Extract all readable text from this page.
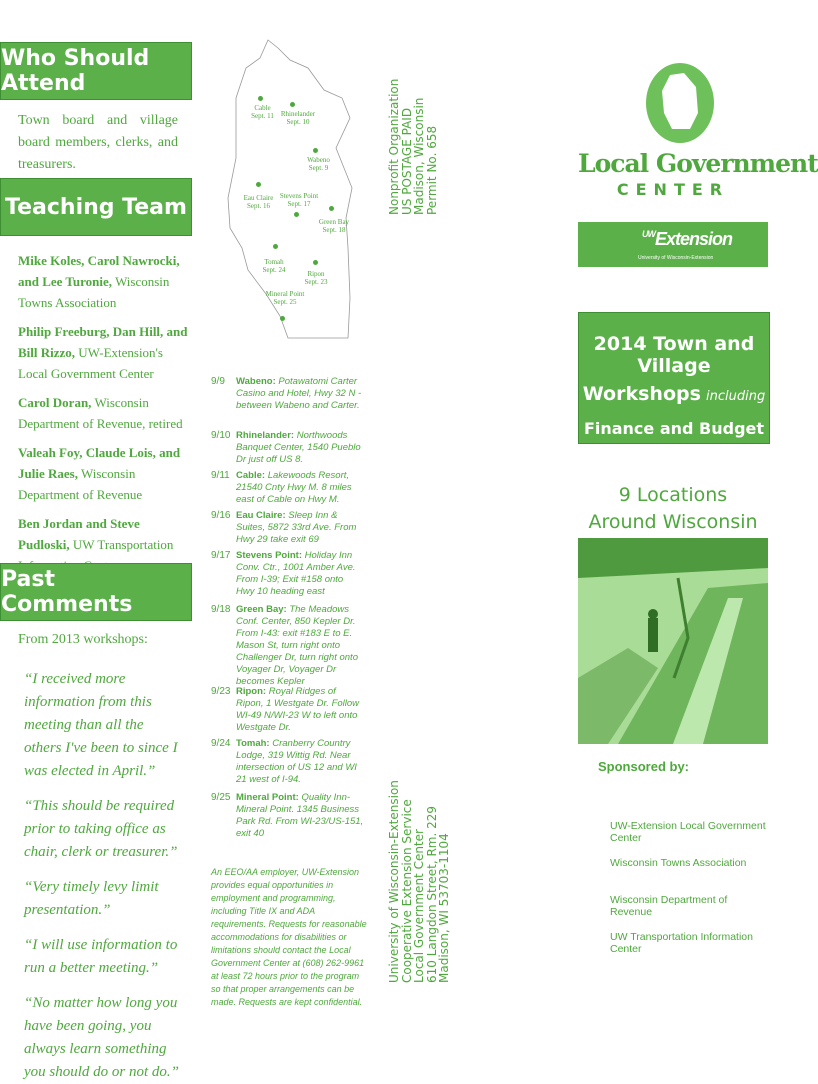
Who Should Attend
Town board and village board members, clerks, and treasurers.
Teaching Team
Mike Koles, Carol Nawrocki, and Lee Turonie, Wisconsin Towns Association
Philip Freeburg, Dan Hill, and Bill Rizzo, UW-Extension's Local Government Center
Carol Doran, Wisconsin Department of Revenue, retired
Valeah Foy, Claude Lois, and Julie Raes, Wisconsin Department of Revenue
Ben Jordan and Steve Pudloski, UW Transportation
Past Comments
From 2013 workshops:
“I received more information from this meeting than all the others I've been to since I was elected in April.”
“This should be required prior to taking office as chair, clerk or treasurer.”
“Very timely levy limit presentation.”
“I will use information to run a better meeting.”
“No matter how long you have been going, you always learn something you should do or not do.”
Cable
Sept. 11	Rhinelander
Sept. 10
Wabeno
Sept. 9
Eau Claire
Sept. 16
Stevens Point
Sept. 17
Green Bay
Sept. 18
Tomah
Sept. 24	Ripon
Sept. 23
Mineral Point
Sept. 25
9/9	Wabeno: Potawatomi Carter Casino and Hotel, Hwy 32 N - between Wabeno and Carter.
9/10 Rhinelander: Northwoods Banquet Center, 1540 Pueblo Dr just off US 8.
9/11 Cable: Lakewoods Resort, 21540 Cnty Hwy M. 8 miles east of Cable on Hwy M.
9/16 Eau Claire: Sleep Inn & Suites, 5872 33rd Ave. From Hwy 29 take exit 69
9/17 Stevens Point: Holiday Inn Conv. Ctr., 1001 Amber Ave. From I-39; Exit #158 onto Hwy 10 heading east
9/18 Green Bay: The Meadows Conf. Center, 850 Kepler Dr. From I-43: exit #183 E to E. Mason St, turn right onto Challenger Dr, turn right onto Voyager Dr, Voyager Dr becomes Kepler
9/23 Ripon: Royal Ridges of Ripon, 1 Westgate Dr. Follow WI-49 N/WI-23 W to left onto Westgate Dr.
9/24 Tomah: Cranberry Country Lodge, 319 Wittig Rd. Near intersection of US 12 and WI 21 west of I-94.
9/25 Mineral Point: Quality Inn-Mineral Point. 1345 Business Park Rd. From WI-23/US-151, exit 40
An EEO/AA employer, UW-Extension provides equal opportunities in employment and programming, including Title IX and ADA requirements. Requests for reasonable accommodations for disabilities or limitations should contact the Local Government Center at (608) 262-9961 at least 72 hours prior to the program so that proper arrangements can be made. Requests are kept confidential.
Nonprofit Organization
US POSTAGE PAID
Madison, Wisconsin
Permit No. 658
University of Wisconsin-Extension
Cooperative Extension Service
Local Government Center
610 Langdon Street, Rm. 229
Madison, WI 53703-1104
Local Government
CENTER
$^{UW}$Extension
University of Wisconsin-Extension
2014 Town and Village
Workshops including
Finance and Budget
9 Locations
Around Wisconsin
Sponsored by:
UW-Extension Local Government Center
Wisconsin Towns Association
Wisconsin Department of Revenue
UW Transportation Information Center
